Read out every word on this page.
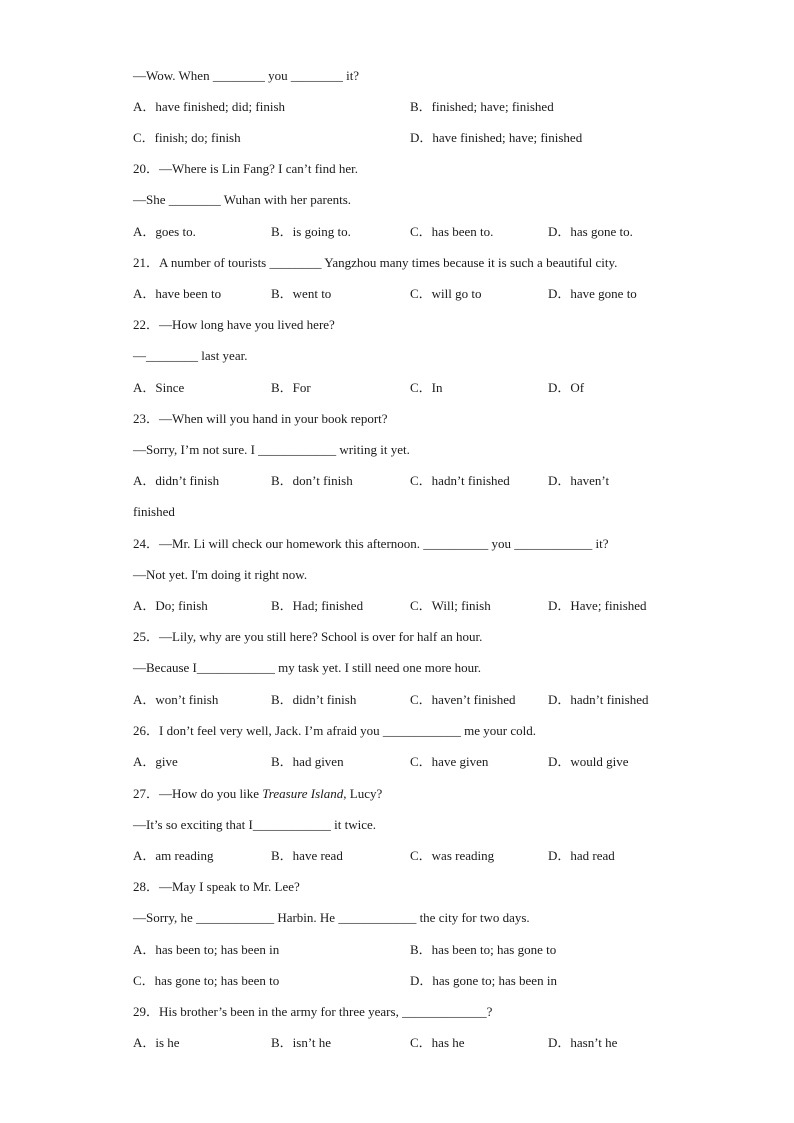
—Wow. When ________ you ________ it?
A．have finished; did; finish	B．finished; have; finished
C．finish; do; finish	D．have finished; have; finished
20．—Where is Lin Fang? I can’t find her.
—She ________ Wuhan with her parents.
A．goes to.	B．is going to.	C．has been to.	D．has gone to.
21．A number of tourists ________ Yangzhou many times because it is such a beautiful city.
A．have been to	B．went to	C．will go to	D．have gone to
22．—How long have you lived here?
—________ last year.
A．Since	B．For	C．In	D．Of
23．—When will you hand in your book report?
—Sorry, I’m not sure. I ____________ writing it yet.
A．didn’t finish	B．don’t finish	C．hadn’t finished	D．haven’t
finished
24．—Mr. Li will check our homework this afternoon. __________ you ____________ it?
—Not yet. I'm doing it right now.
A．Do; finish	B．Had; finished	C．Will; finish	D．Have; finished
25．—Lily, why are you still here? School is over for half an hour.
—Because I____________ my task yet. I still need one more hour.
A．won’t finish	B．didn’t finish	C．haven’t finished D．hadn’t finished
26．I don’t feel very well, Jack. I’m afraid you ____________ me your cold.
A．give	B．had given	C．have given	D．would give
27．—How do you like Treasure Island, Lucy?
—It’s so exciting that I____________ it twice.
A．am reading	B．have read	C．was reading	D．had read
28．—May I speak to Mr. Lee?
—Sorry, he ____________ Harbin. He ____________ the city for two days.
A．has been to; has been in	B．has been to; has gone to
C．has gone to; has been to	D．has gone to; has been in
29．His brother’s been in the army for three years, _____________?
A．is he	B．isn’t he	C．has he	D．hasn’t he
